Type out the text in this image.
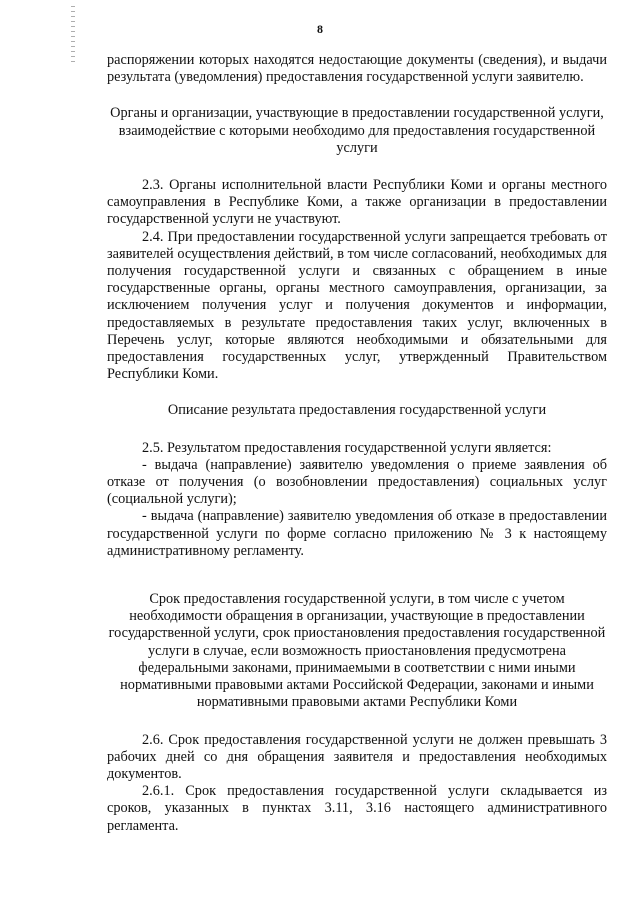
8

распоряжении которых находятся недостающие документы (сведения), и выдачи результата (уведомления) предоставления государственной услуги заявителю.

Органы и организации, участвующие в предоставлении государственной услуги, взаимодействие с которыми необходимо для предоставления государственной услуги

2.3. Органы исполнительной власти Республики Коми и органы местного самоуправления в Республике Коми, а также организации в предоставлении государственной услуги не участвуют.

2.4. При предоставлении государственной услуги запрещается требовать от заявителей осуществления действий, в том числе согласований, необходимых для получения государственной услуги и связанных с обращением в иные государственные органы, органы местного самоуправления, организации, за исключением получения услуг и получения документов и информации, предоставляемых в результате предоставления таких услуг, включенных в Перечень услуг, которые являются необходимыми и обязательными для предоставления государственных услуг, утвержденный Правительством Республики Коми.

Описание результата предоставления государственной услуги

2.5. Результатом предоставления государственной услуги является:

- выдача (направление) заявителю уведомления о приеме заявления об отказе от получения (о возобновлении предоставления) социальных услуг (социальной услуги);

- выдача (направление) заявителю уведомления об отказе в предоставлении государственной услуги по форме согласно приложению № 3 к настоящему административному регламенту.

Срок предоставления государственной услуги, в том числе с учетом необходимости обращения в организации, участвующие в предоставлении государственной услуги, срок приостановления предоставления государственной услуги в случае, если возможность приостановления предусмотрена федеральными законами, принимаемыми в соответствии с ними иными нормативными правовыми актами Российской Федерации, законами и иными нормативными правовыми актами Республики Коми

2.6. Срок предоставления государственной услуги не должен превышать 3 рабочих дней со дня обращения заявителя и предоставления необходимых документов.

2.6.1. Срок предоставления государственной услуги складывается из сроков, указанных в пунктах 3.11, 3.16 настоящего административного регламента.
